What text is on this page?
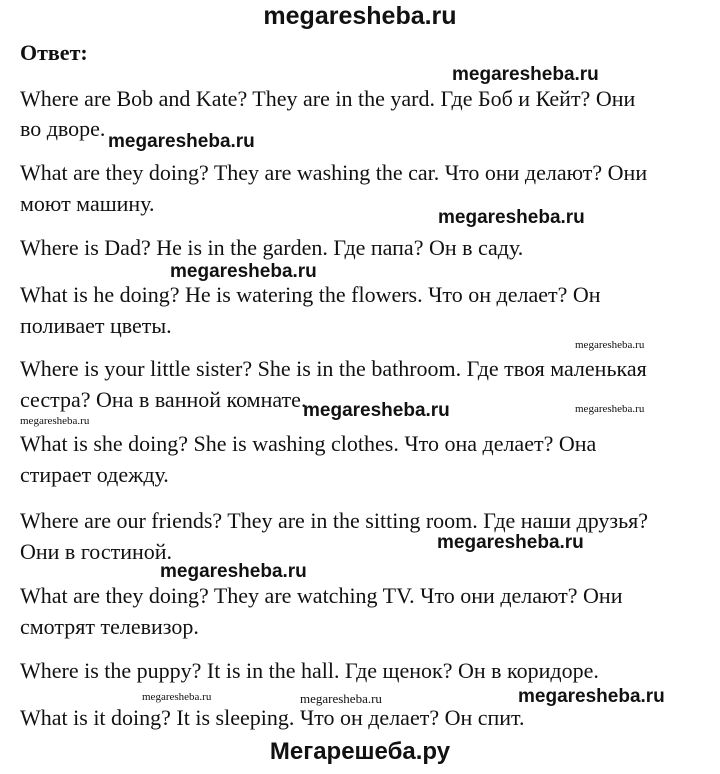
megaresheba.ru
Ответ:
Where are Bob and Kate? They are in the yard. Где Боб и Кейт? Они
во дворе.
What are they doing? They are washing the car. Что они делают? Они
моют машину.
Where is Dad? He is in the garden. Где папа? Он в саду.
What is he doing? He is watering the flowers. Что он делает? Он
поливает цветы.
Where is your little sister? She is in the bathroom. Где твоя маленькая
сестра? Она в ванной комнате.
What is she doing? She is washing clothes. Что она делает? Она
стирает одежду.
Where are our friends? They are in the sitting room. Где наши друзья?
Они в гостиной.
What are they doing? They are watching TV. Что они делают? Они
смотрят телевизор.
Where is the puppy? It is in the hall. Где щенок? Он в коридоре.
What is it doing? It is sleeping. Что он делает? Он спит.
megaresheba.ru
megaresheba.ru
megaresheba.ru
megaresheba.ru
megaresheba.ru
megaresheba.ru	megaresheba.ru
megaresheba.ru
megaresheba.ru
megaresheba.ru
megaresheba.ru	megaresheba.ru	megaresheba.ru
Мегарешеба.ру
